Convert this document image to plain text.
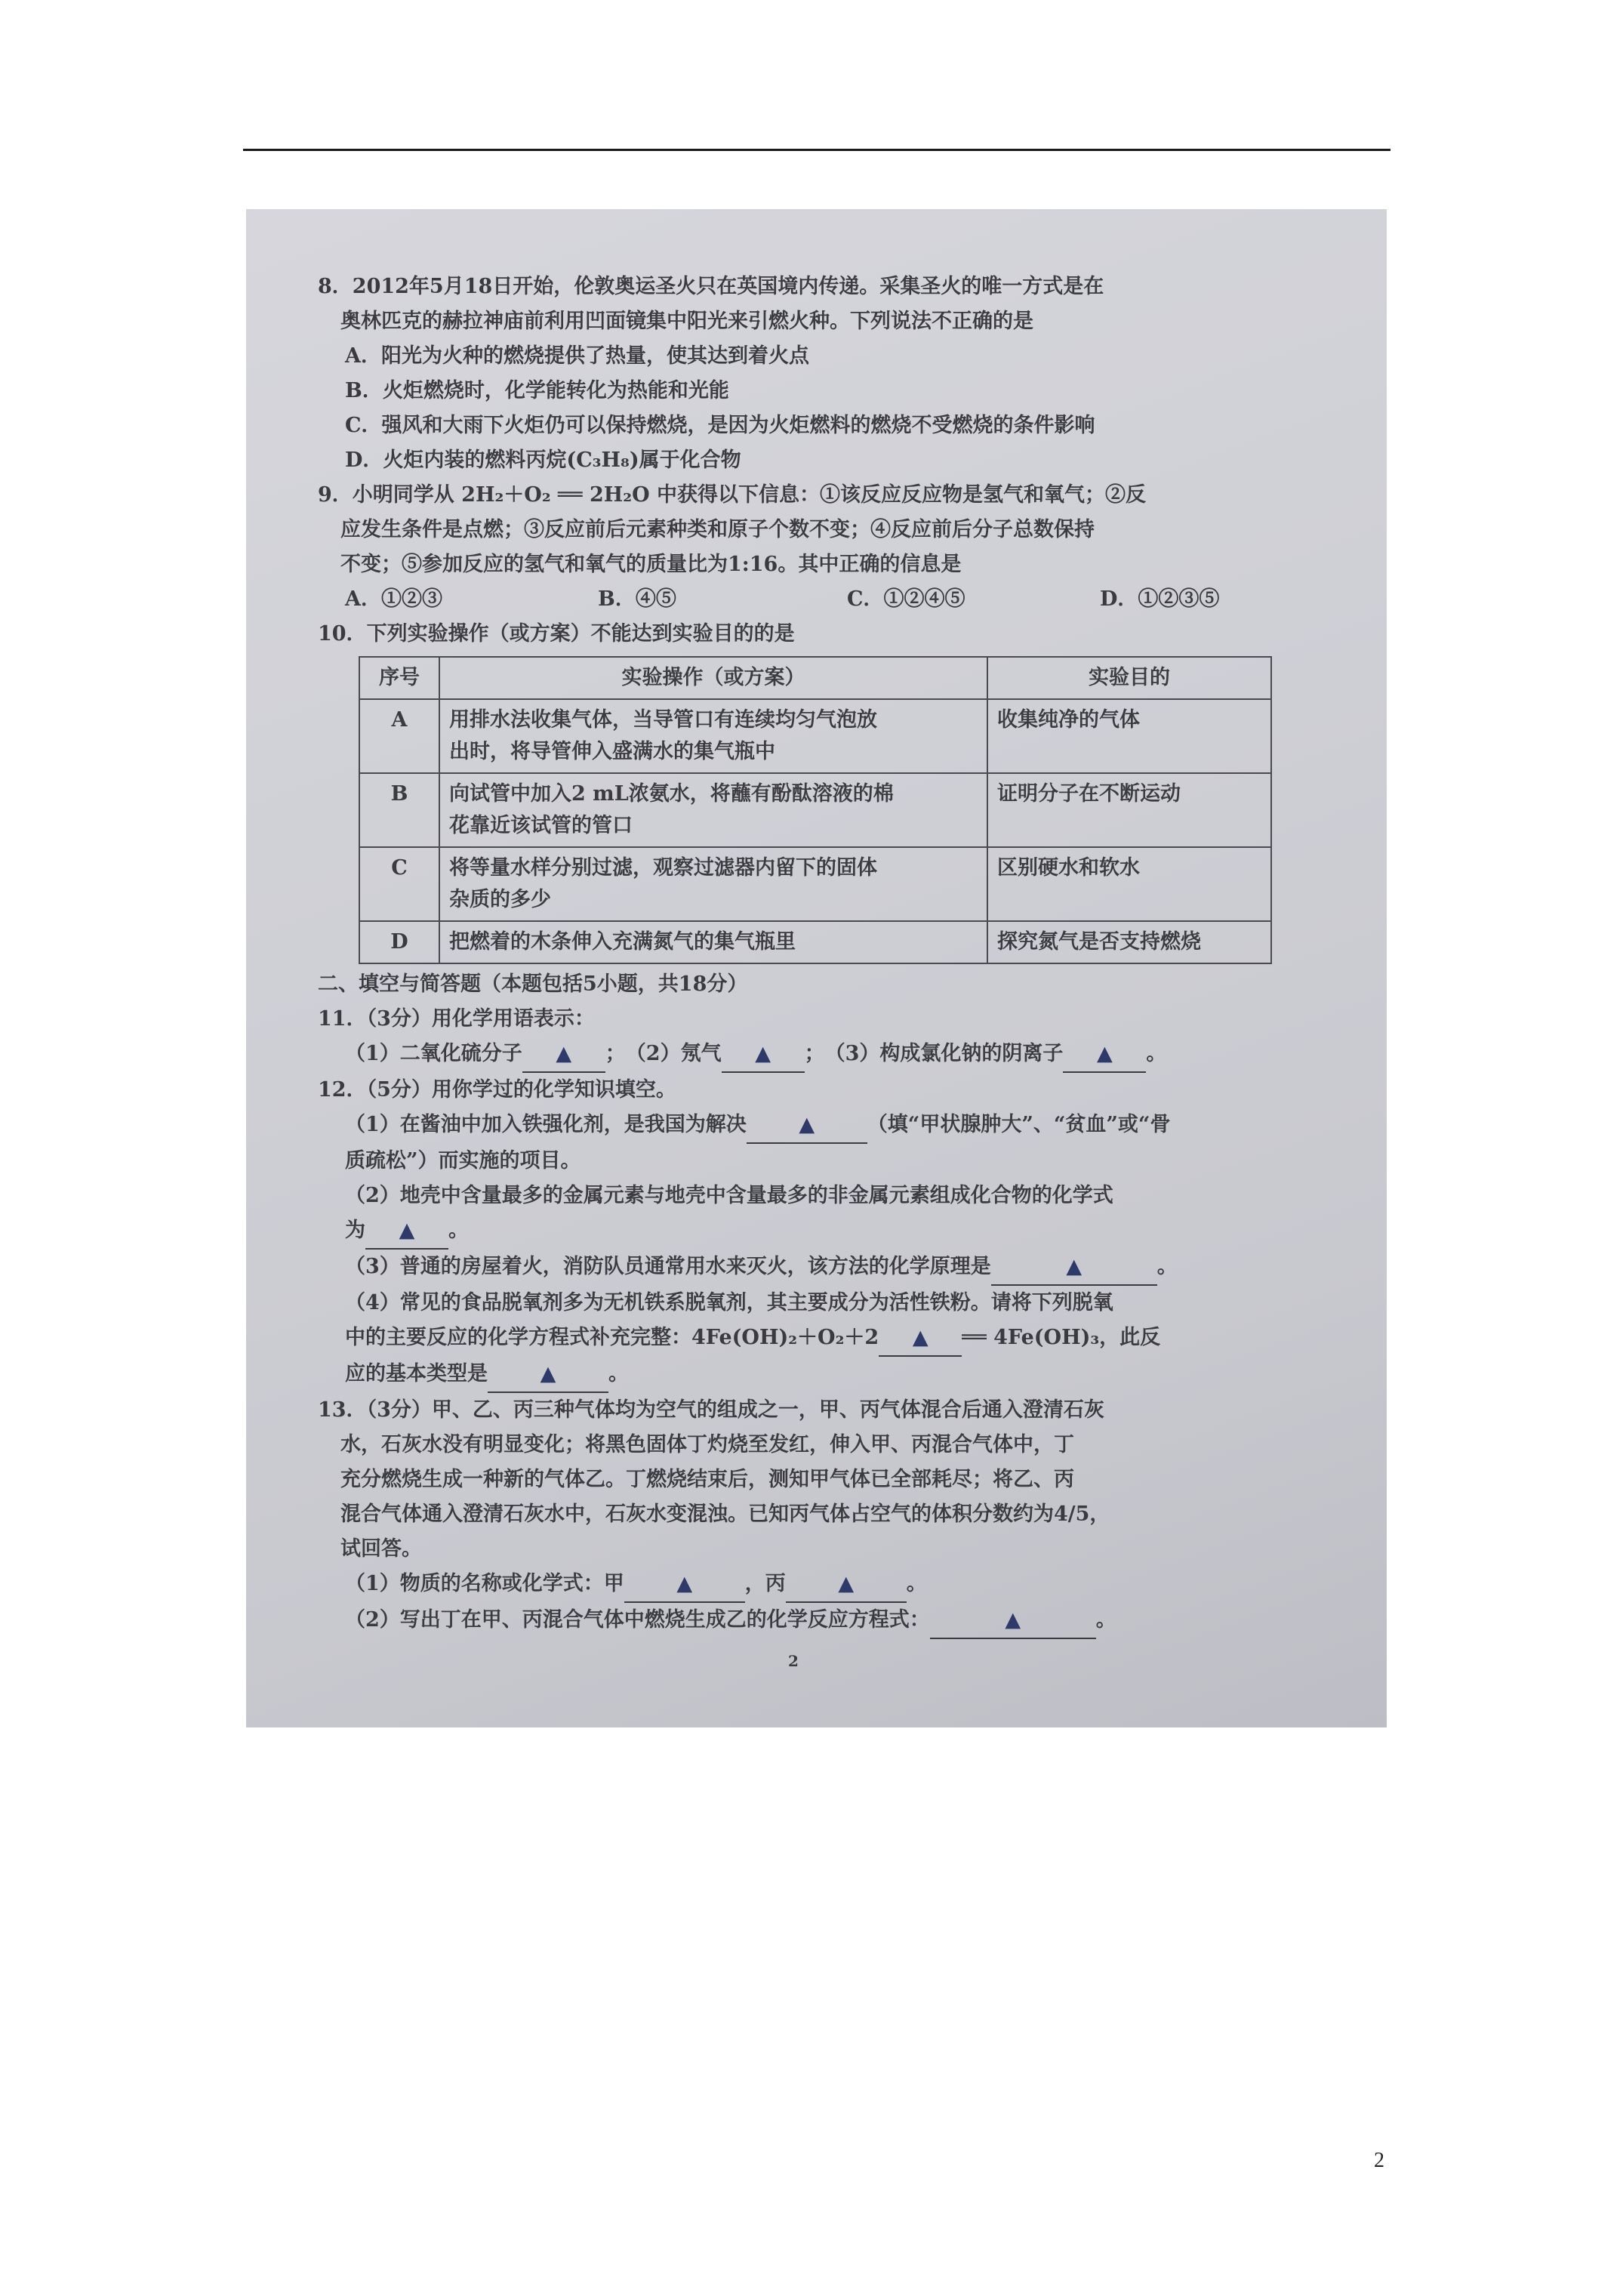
8．2012年5月18日开始，伦敦奥运圣火只在英国境内传递。采集圣火的唯一方式是在
奥林匹克的赫拉神庙前利用凹面镜集中阳光来引燃火种。下列说法不正确的是
A．阳光为火种的燃烧提供了热量，使其达到着火点
B．火炬燃烧时，化学能转化为热能和光能
C．强风和大雨下火炬仍可以保持燃烧，是因为火炬燃料的燃烧不受燃烧的条件影响
D．火炬内装的燃料丙烷(C₃H₈)属于化合物
9．小明同学从 2H₂＋O₂ ══ 2H₂O 中获得以下信息：①该反应反应物是氢气和氧气；②反
应发生条件是点燃；③反应前后元素种类和原子个数不变；④反应前后分子总数保持
不变；⑤参加反应的氢气和氧气的质量比为1:16。其中正确的信息是
A．①②③	B．④⑤	C．①②④⑤	D．①②③⑤
10．下列实验操作（或方案）不能达到实验目的的是
序号	实验操作（或方案）	实验目的
A	用排水法收集气体，当导管口有连续均匀气泡放
出时，将导管伸入盛满水的集气瓶中	收集纯净的气体
B	向试管中加入2 mL浓氨水，将蘸有酚酞溶液的棉
花靠近该试管的管口	证明分子在不断运动
C	将等量水样分别过滤，观察过滤器内留下的固体
杂质的多少	区别硬水和软水
D	把燃着的木条伸入充满氮气的集气瓶里	探究氮气是否支持燃烧
二、填空与简答题（本题包括5小题，共18分）
11．（3分）用化学用语表示：
（1）二氧化硫分子 ▲ ；　（2）氖气 ▲ ；　（3）构成氯化钠的阴离子 ▲ 。
12．（5分）用你学过的化学知识填空。
（1）在酱油中加入铁强化剂，是我国为解决	▲	（填“甲状腺肿大”、“贫血”或“骨
质疏松”）而实施的项目。
（2）地壳中含量最多的金属元素与地壳中含量最多的非金属元素组成化合物的化学式
为 ▲ 。
（3）普通的房屋着火，消防队员通常用水来灭火，该方法的化学原理是	▲	。
（4）常见的食品脱氧剂多为无机铁系脱氧剂，其主要成分为活性铁粉。请将下列脱氧
中的主要反应的化学方程式补充完整：4Fe(OH)₂＋O₂＋2 ▲ ══ 4Fe(OH)₃，此反
应的基本类型是	▲	。
13．（3分）甲、乙、丙三种气体均为空气的组成之一，甲、丙气体混合后通入澄清石灰
水，石灰水没有明显变化；将黑色固体丁灼烧至发红，伸入甲、丙混合气体中，丁
充分燃烧生成一种新的气体乙。丁燃烧结束后，测知甲气体已全部耗尽；将乙、丙
混合气体通入澄清石灰水中，石灰水变混浊。已知丙气体占空气的体积分数约为4/5，
试回答。
（1）物质的名称或化学式：甲	▲	，丙	▲	。
（2）写出丁在甲、丙混合气体中燃烧生成乙的化学反应方程式：	▲	。
2
2
